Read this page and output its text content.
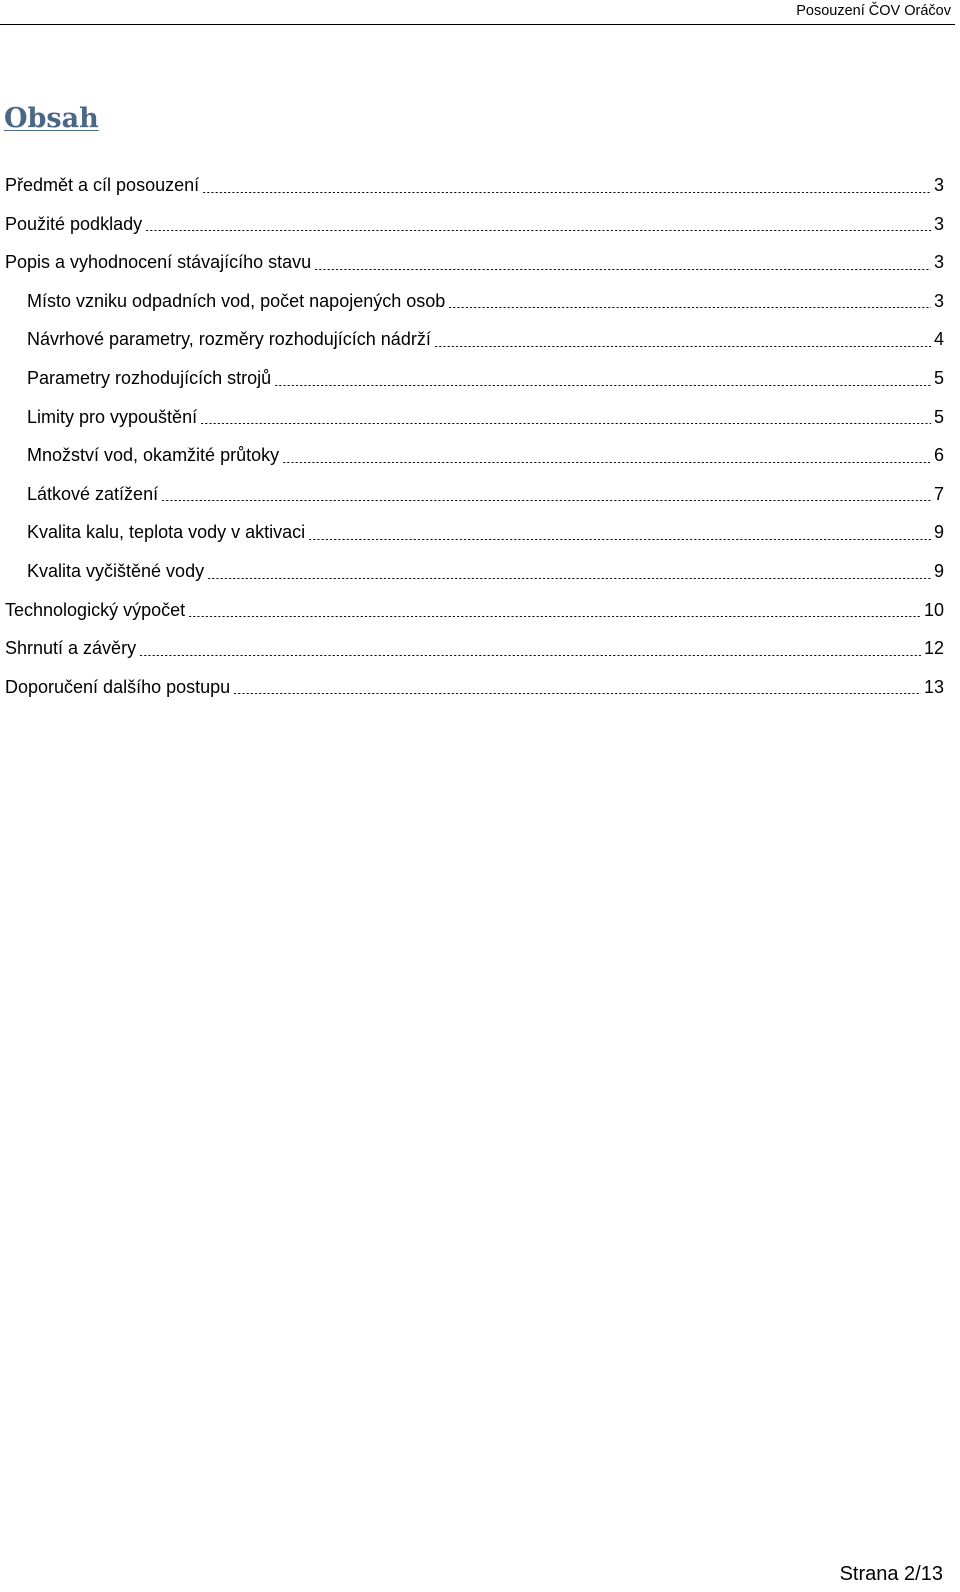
Posouzení ČOV Oráčov
Obsah
Předmět a cíl posouzení	3
Použité podklady	3
Popis a vyhodnocení stávajícího stavu	3
Místo vzniku odpadních vod, počet napojených osob	3
Návrhové parametry, rozměry rozhodujících nádrží	4
Parametry rozhodujících strojů	5
Limity pro vypouštění	5
Množství vod, okamžité průtoky	6
Látkové zatížení	7
Kvalita kalu, teplota vody v aktivaci	9
Kvalita vyčištěné vody	9
Technologický výpočet	10
Shrnutí a závěry	12
Doporučení dalšího postupu	13
Strana 2/13
